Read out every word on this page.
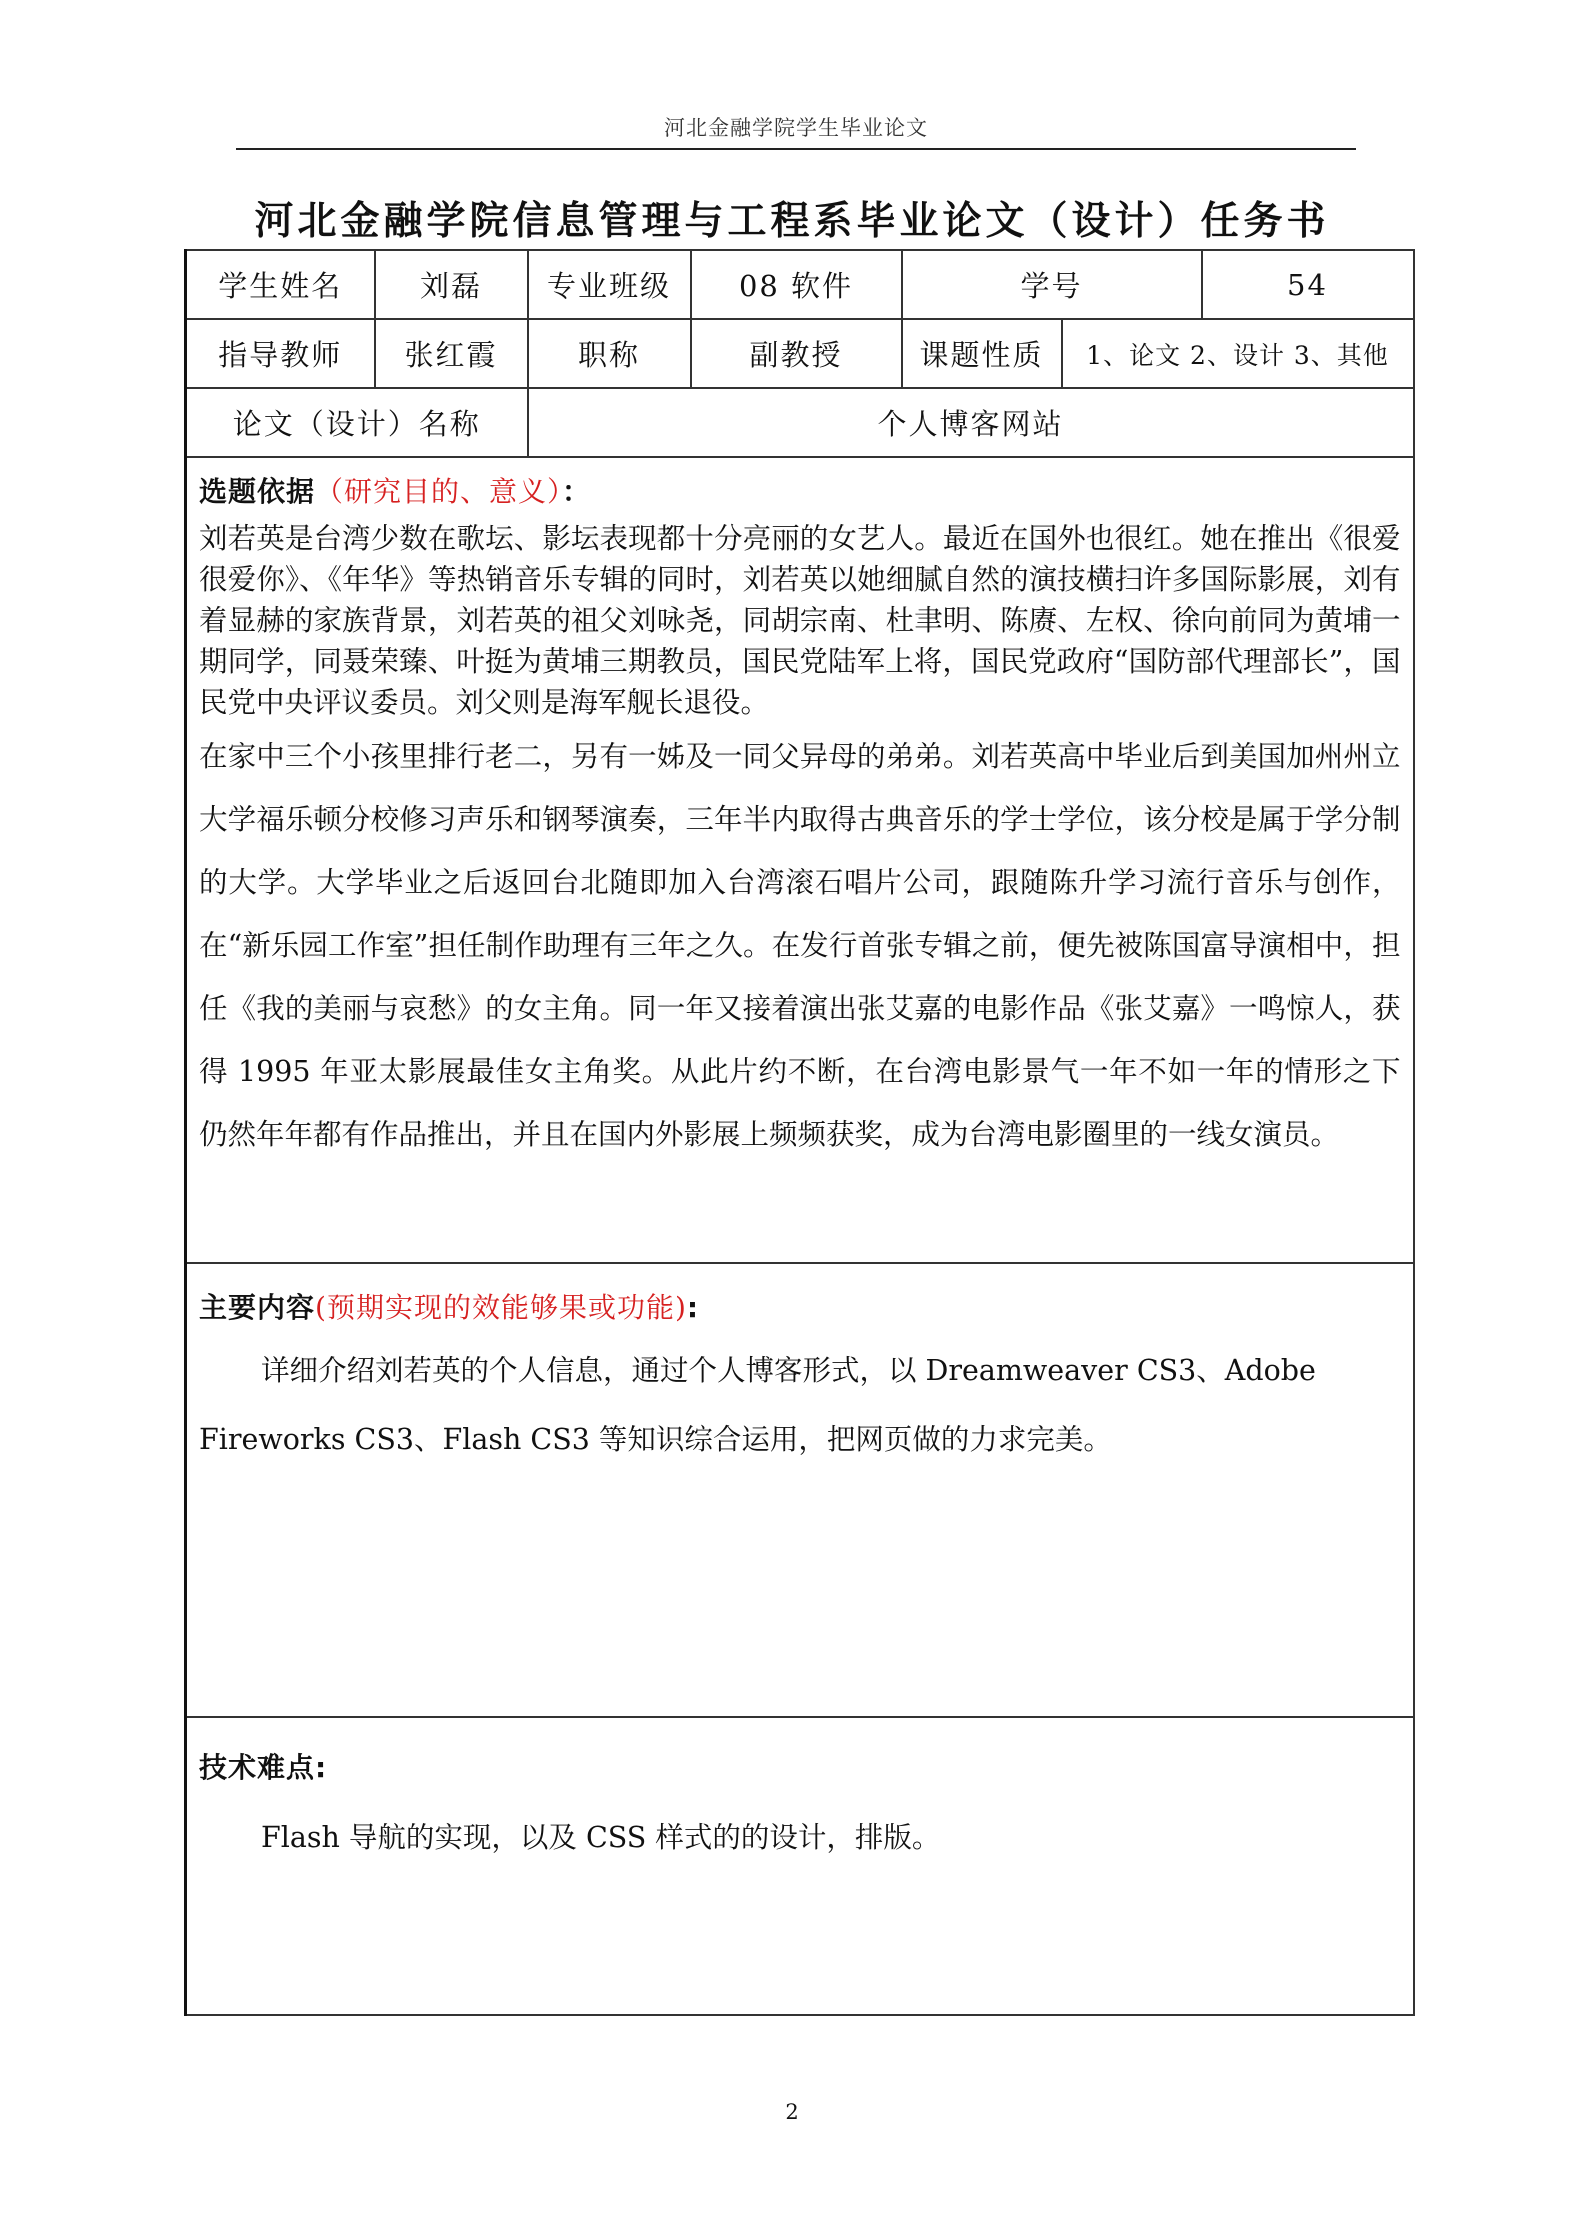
河北金融学院学生毕业论文
河北金融学院信息管理与工程系毕业论文（设计）任务书
学生姓名	刘磊	专业班级	08 软件	学号	54
指导教师	张红霞	职称	副教授	课题性质 1、论文 2、设计 3、其他	

论文（设计）名称		个人博客网站			

选题依据（研究目的、意义）：

刘若英是台湾少数在歌坛、影坛表现都十分亮丽的女艺人。最近在国外也很红。她在推出《很爱很爱你》、《年华》等热销音乐专辑的同时，刘若英以她细腻自然的演技横扫许多国际影展，刘有着显赫的家族背景，刘若英的祖父刘咏尧，同胡宗南、杜聿明、陈赓、左权、徐向前同为黄埔一期同学，同聂荣臻、叶挺为黄埔三期教员，国民党陆军上将，国民党政府“国防部代理部长”，国民党中央评议委员。刘父则是海军舰长退役。

在家中三个小孩里排行老二，另有一姊及一同父异母的弟弟。刘若英高中毕业后到美国加州州立大学福乐顿分校修习声乐和钢琴演奏，三年半内取得古典音乐的学士学位，该分校是属于学分制的大学。大学毕业之后返回台北随即加入台湾滚石唱片公司，跟随陈升学习流行音乐与创作，在“新乐园工作室”担任制作助理有三年之久。在发行首张专辑之前，便先被陈国富导演相中，担任《我的美丽与哀愁》的女主角。同一年又接着演出张艾嘉的电影作品《张艾嘉》一鸣惊人，获得 1995 年亚太影展最佳女主角奖。从此片约不断，在台湾电影景气一年不如一年的情形之下仍然年年都有作品推出，并且在国内外影展上频频获奖，成为台湾电影圈里的一线女演员。					

主要内容(预期实现的效能够果或功能):

详细介绍刘若英的个人信息，通过个人博客形式，以 Dreamweaver CS3、Adobe Fireworks CS3、Flash CS3 等知识综合运用，把网页做的力求完美。					

技术难点:

Flash 导航的实现，以及 CSS 样式的的设计，排版。					

2
